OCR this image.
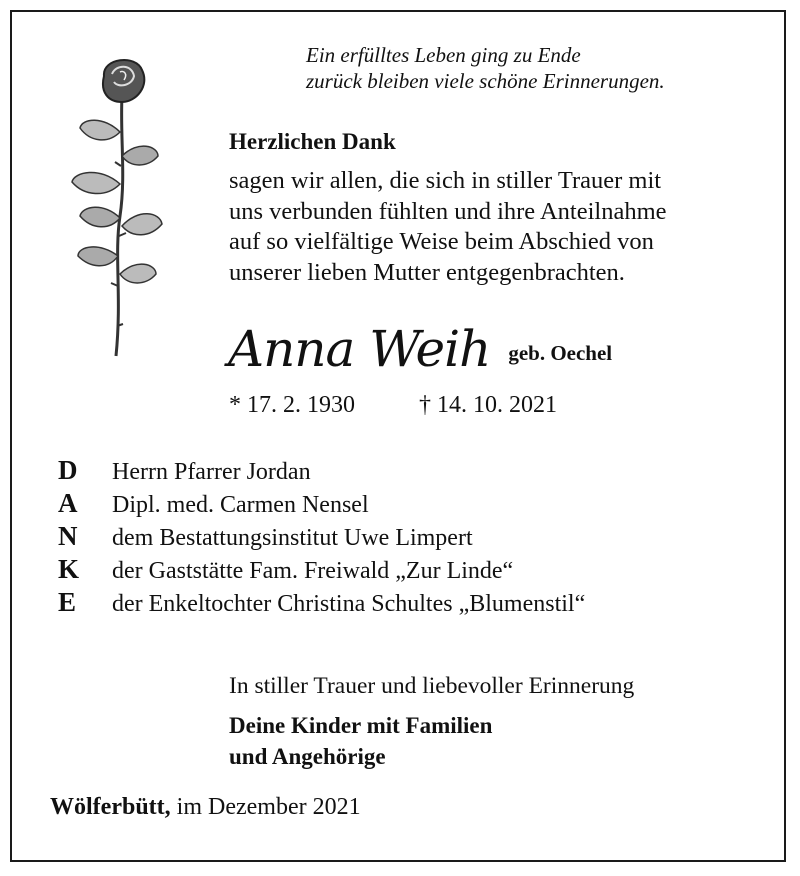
Ein erfülltes Leben ging zu Ende
zurück bleiben viele schöne Erinnerungen.
Herzlichen Dank
sagen wir allen, die sich in stiller Trauer mit
uns verbunden fühlten und ihre Anteilnahme
auf so vielfältige Weise beim Abschied von
unserer lieben Mutter entgegenbrachten.
Anna Weih geb. Oechel
* 17. 2. 1930	† 14. 10. 2021
D	Herrn Pfarrer Jordan
A	Dipl. med. Carmen Nensel
N	dem Bestattungsinstitut Uwe Limpert
K	der Gaststätte Fam. Freiwald „Zur Linde“
E	der Enkeltochter Christina Schultes „Blumenstil“
In stiller Trauer und liebevoller Erinnerung
Deine Kinder mit Familien
und Angehörige
Wölferbütt, im Dezember 2021
